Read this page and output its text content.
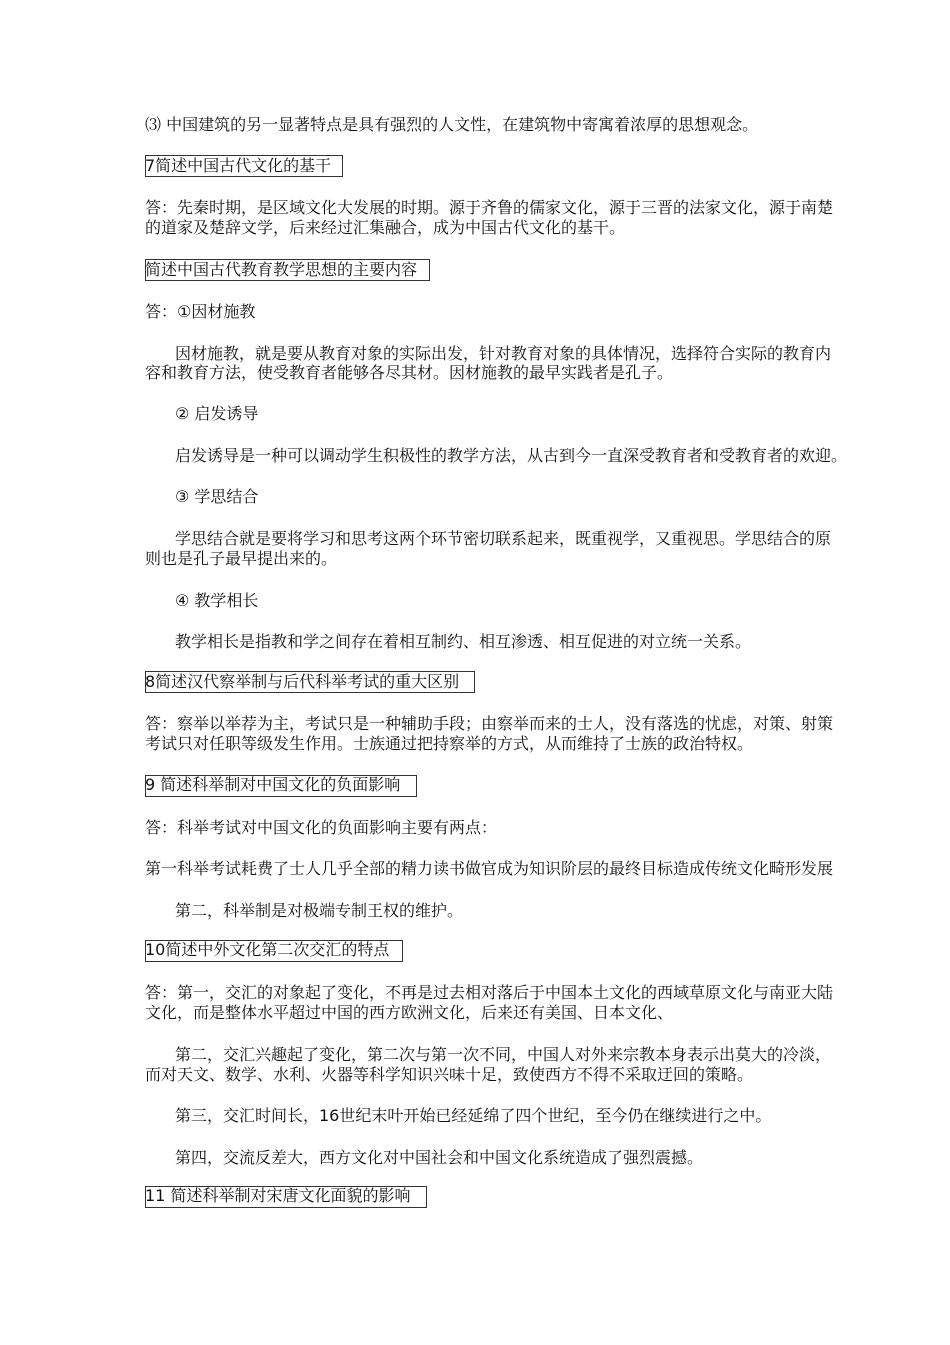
⑶ 中国建筑的另一显著特点是具有强烈的人文性，在建筑物中寄寓着浓厚的思想观念。
7简述中国古代文化的基干
答：先秦时期，是区域文化大发展的时期。源于齐鲁的儒家文化，源于三晋的法家文化，源于南楚
的道家及楚辞文学，后来经过汇集融合，成为中国古代文化的基干。
简述中国古代教育教学思想的主要内容
答：①因材施教
因材施教，就是要从教育对象的实际出发，针对教育对象的具体情况，选择符合实际的教育内
容和教育方法，使受教育者能够各尽其材。因材施教的最早实践者是孔子。
② 启发诱导
启发诱导是一种可以调动学生积极性的教学方法，从古到今一直深受教育者和受教育者的欢迎。
③ 学思结合
学思结合就是要将学习和思考这两个环节密切联系起来，既重视学，又重视思。学思结合的原
则也是孔子最早提出来的。
④ 教学相长
教学相长是指教和学之间存在着相互制约、相互渗透、相互促进的对立统一关系。
8简述汉代察举制与后代科举考试的重大区别
答：察举以举荐为主，考试只是一种辅助手段；由察举而来的士人，没有落选的忧虑，对策、射策
考试只对任职等级发生作用。士族通过把持察举的方式，从而维持了士族的政治特权。
9 简述科举制对中国文化的负面影响
答：科举考试对中国文化的负面影响主要有两点：
第一科举考试耗费了士人几乎全部的精力读书做官成为知识阶层的最终目标造成传统文化畸形发展
第二，科举制是对极端专制王权的维护。
10简述中外文化第二次交汇的特点
答：第一，交汇的对象起了变化，不再是过去相对落后于中国本土文化的西域草原文化与南亚大陆
文化，而是整体水平超过中国的西方欧洲文化，后来还有美国、日本文化、
第二，交汇兴趣起了变化，第二次与第一次不同，中国人对外来宗教本身表示出莫大的冷淡，
而对天文、数学、水利、火器等科学知识兴味十足，致使西方不得不采取迂回的策略。
第三，交汇时间长，16世纪末叶开始已经延绵了四个世纪，至今仍在继续进行之中。
第四，交流反差大，西方文化对中国社会和中国文化系统造成了强烈震撼。
11 简述科举制对宋唐文化面貌的影响
